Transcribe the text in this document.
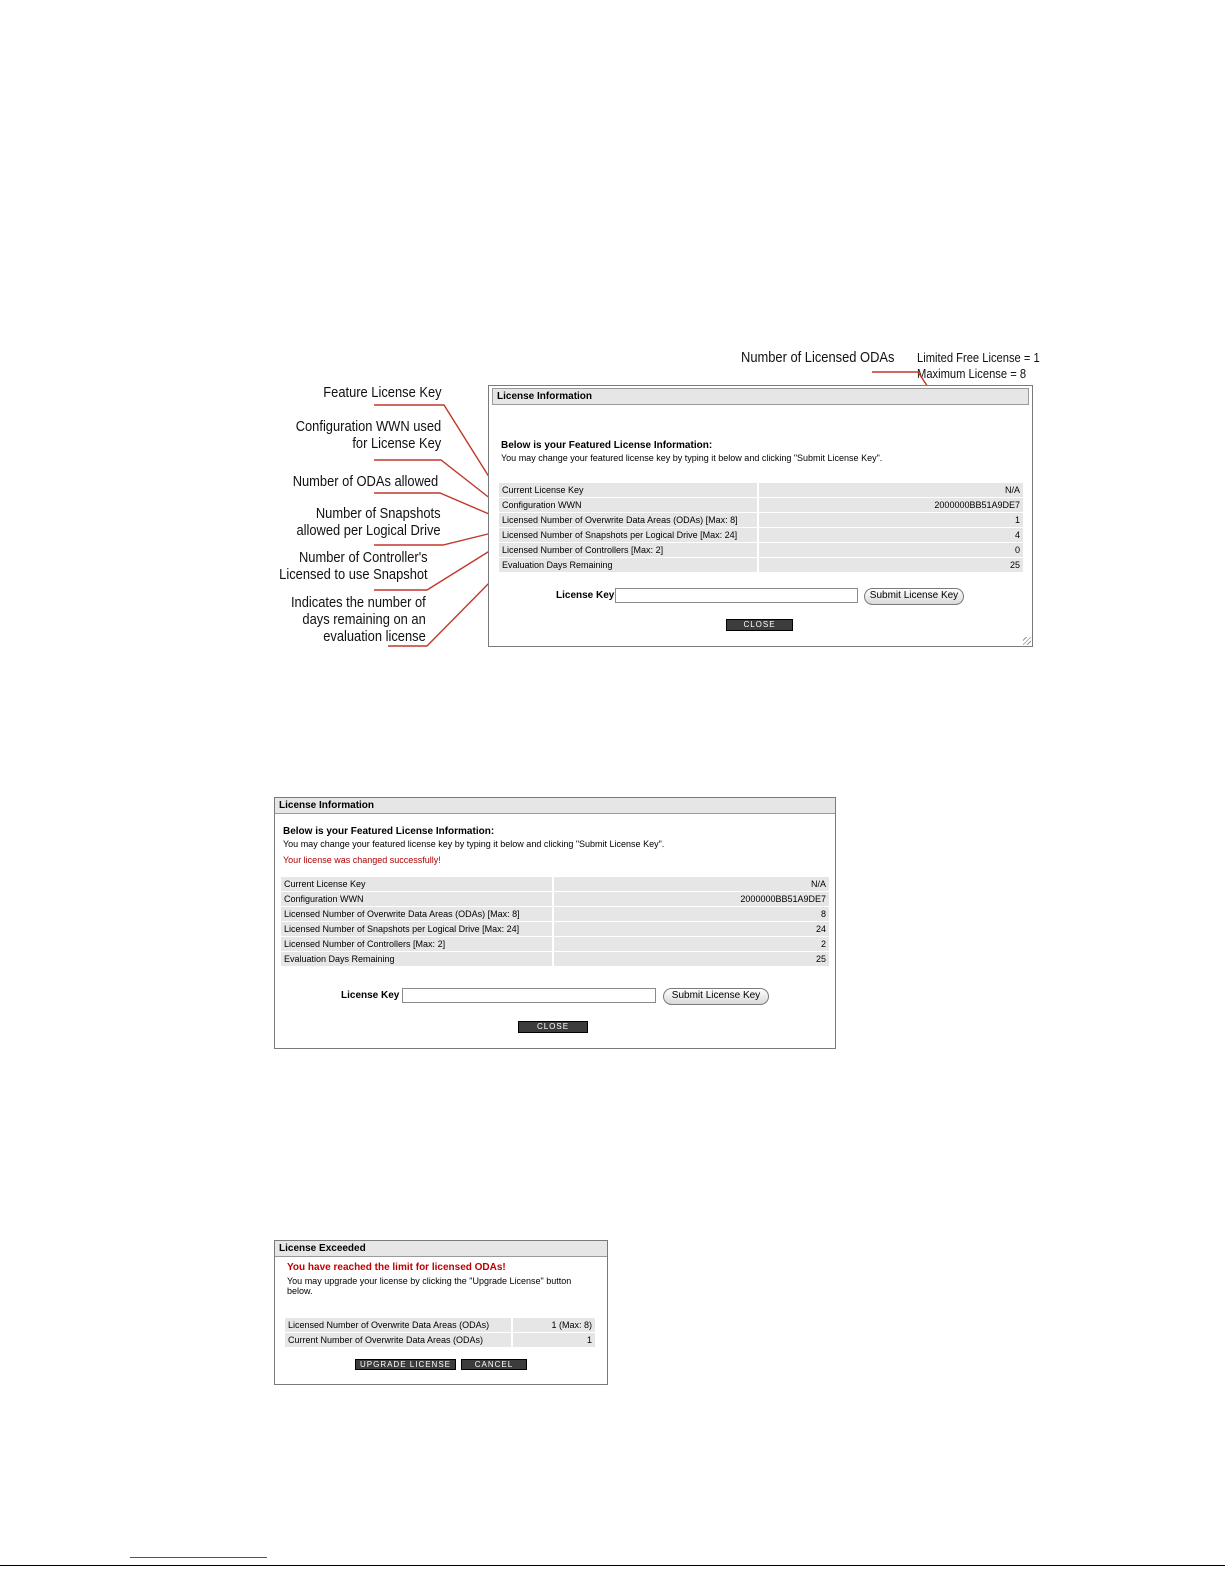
Feature License Key
Configuration WWN used
for License Key
Number of ODAs allowed
Number of Snapshots
allowed per Logical Drive
Number of Controller's
Licensed to use Snapshot
Indicates the number of
days remaining on an
evaluation license
Number of Licensed ODAs Limited Free License = 1
Maximum License = 8
License Information
Below is your Featured License Information:
You may change your featured license key by typing it below and clicking "Submit License Key".
Current License Key	N/A
Configuration WWN	2000000BB51A9DE7
Licensed Number of Overwrite Data Areas (ODAs) [Max: 8]	1
Licensed Number of Snapshots per Logical Drive [Max: 24]	4
Licensed Number of Controllers [Max: 2]	0
Evaluation Days Remaining	25
License Key	Submit License Key
CLOSE
License Information
Below is your Featured License Information:
You may change your featured license key by typing it below and clicking "Submit License Key".
Your license was changed successfully!
Current License Key	N/A
Configuration WWN	2000000BB51A9DE7
Licensed Number of Overwrite Data Areas (ODAs) [Max: 8]	8
Licensed Number of Snapshots per Logical Drive [Max: 24]	24
Licensed Number of Controllers [Max: 2]	2
Evaluation Days Remaining	25
License Key	Submit License Key
CLOSE
License Exceeded
You have reached the limit for licensed ODAs!
You may upgrade your license by clicking the "Upgrade License" button
below.
Licensed Number of Overwrite Data Areas (ODAs)	1 (Max: 8)
Current Number of Overwrite Data Areas (ODAs)	1
UPGRADE LICENSE	CANCEL
